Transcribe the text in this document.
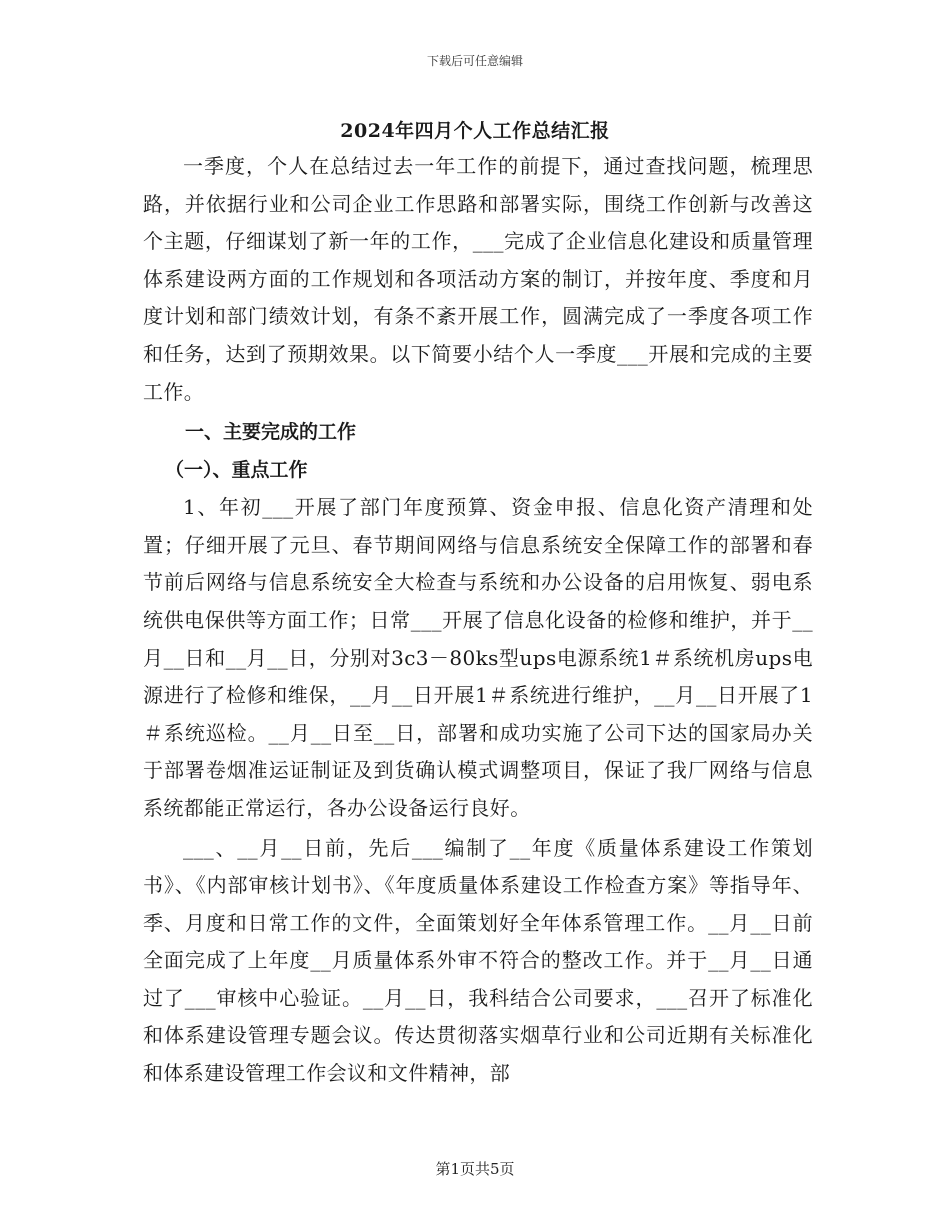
下载后可任意编辑
2024年四月个人工作总结汇报

一季度，个人在总结过去一年工作的前提下，通过查找问题，梳理思路，并依据行业和公司企业工作思路和部署实际，围绕工作创新与改善这个主题，仔细谋划了新一年的工作，___完成了企业信息化建设和质量管理体系建设两方面的工作规划和各项活动方案的制订，并按年度、季度和月度计划和部门绩效计划，有条不紊开展工作，圆满完成了一季度各项工作和任务，达到了预期效果。以下简要小结个人一季度___开展和完成的主要工作。

一、主要完成的工作

（一）、重点工作

1、年初___开展了部门年度预算、资金申报、信息化资产清理和处置；仔细开展了元旦、春节期间网络与信息系统安全保障工作的部署和春节前后网络与信息系统安全大检查与系统和办公设备的启用恢复、弱电系统供电保供等方面工作；日常___开展了信息化设备的检修和维护，并于__月__日和__月__日，分别对3c3－80ks型ups电源系统1＃系统机房ups电源进行了检修和维保，__月__日开展1＃系统进行维护，__月__日开展了1＃系统巡检。__月__日至__日，部署和成功实施了公司下达的国家局办关于部署卷烟准运证制证及到货确认模式调整项目，保证了我厂网络与信息系统都能正常运行，各办公设备运行良好。

___、__月__日前，先后___编制了__年度《质量体系建设工作策划书》、《内部审核计划书》、《年度质量体系建设工作检查方案》等指导年、季、月度和日常工作的文件，全面策划好全年体系管理工作。__月__日前全面完成了上年度__月质量体系外审不符合的整改工作。并于__月__日通过了___审核中心验证。__月__日，我科结合公司要求，___召开了标准化和体系建设管理专题会议。传达贯彻落实烟草行业和公司近期有关标准化和体系建设管理工作会议和文件精神，部

第1页共5页
